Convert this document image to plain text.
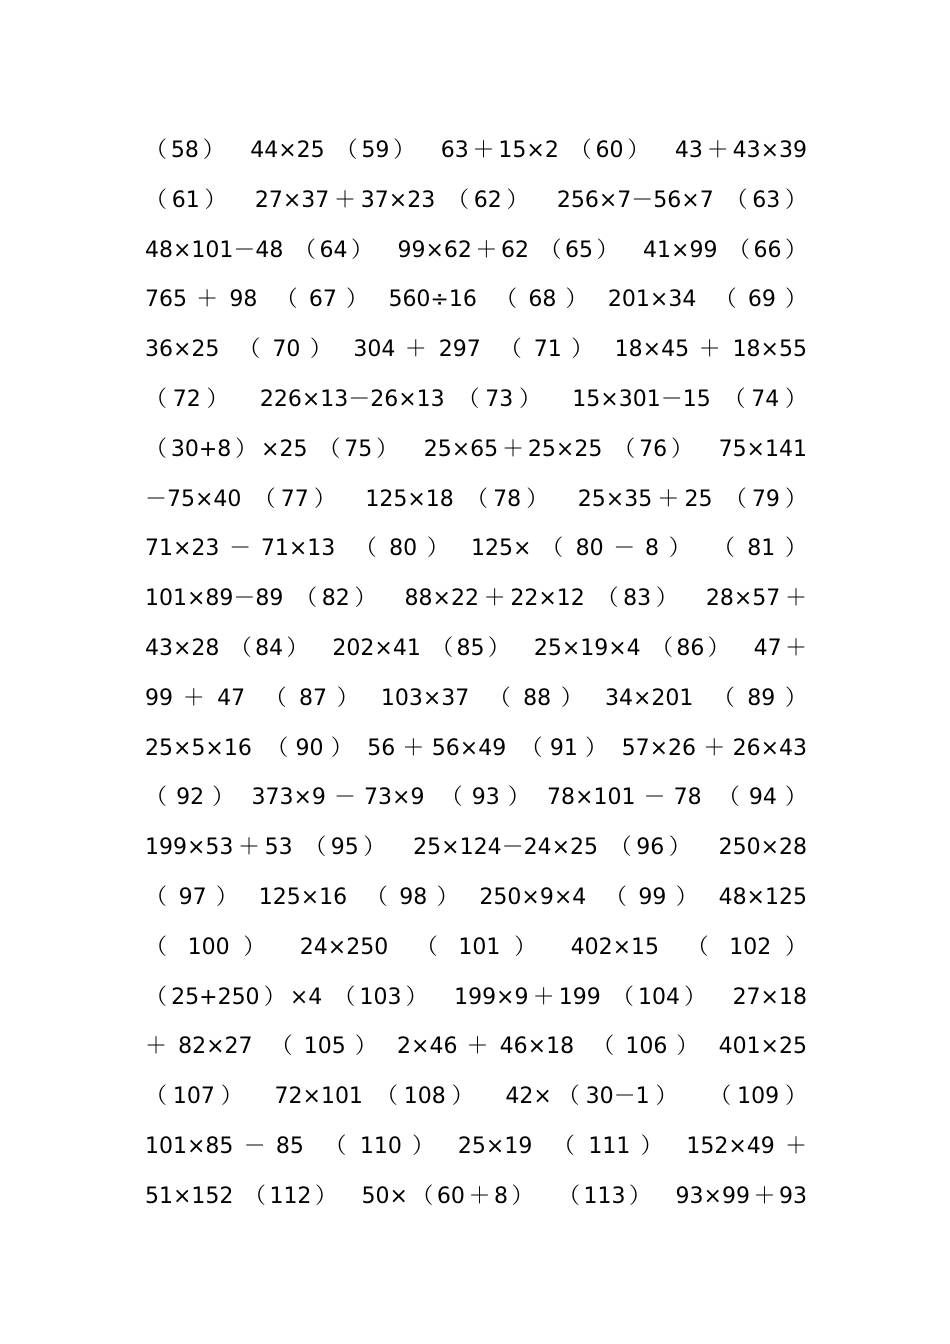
（58）  44×25 （59）  63＋15×2 （60）  43＋43×39
（61）  27×37＋37×23 （62）  256×7－56×7 （63）
48×101－48 （64）  99×62＋62 （65）  41×99 （66）
765 ＋ 98  （ 67 ）  560÷16  （ 68 ）  201×34  （ 69 ）
36×25  （ 70 ）  304 ＋ 297  （ 71 ）  18×45 ＋ 18×55
（72）  226×13－26×13 （73）  15×301－15 （74）
（30+8）×25 （75）  25×65＋25×25 （76）  75×141
－75×40 （77）  125×18 （78）  25×35＋25 （79）
71×23 － 71×13  （ 80 ）  125× （ 80 － 8 ）  （ 81 ）
101×89－89 （82）  88×22＋22×12 （83）  28×57＋
43×28 （84）  202×41 （85）  25×19×4 （86）  47＋
99 ＋ 47  （ 87 ）  103×37  （ 88 ）  34×201  （ 89 ）
25×5×16  （ 90 ）  56 ＋ 56×49  （ 91 ）  57×26 ＋ 26×43
（ 92 ）  373×9 － 73×9  （ 93 ）  78×101 － 78  （ 94 ）
199×53＋53 （95）  25×124－24×25 （96）  250×28
（ 97 ）  125×16  （ 98 ）  250×9×4  （ 99 ）  48×125
（ 100 ）  24×250  （ 101 ）  402×15  （ 102 ）
（25+250）×4 （103）  199×9＋199 （104）  27×18
＋ 82×27  （ 105 ）  2×46 ＋ 46×18  （ 106 ）  401×25
（107）  72×101 （108）  42×（30－1）  （109）
101×85 － 85  （ 110 ）  25×19  （ 111 ）  152×49 ＋
51×152 （112）  50×（60＋8）  （113）  93×99＋93
